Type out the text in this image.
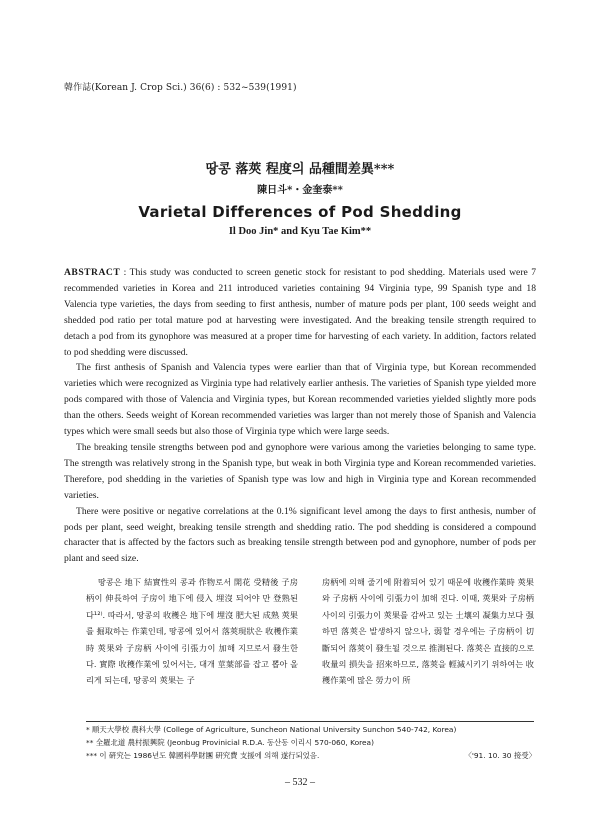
韓作誌(Korean J. Crop Sci.) 36(6) : 532~539(1991)
땅콩 落莢 程度의 品種間差異***
陳日斗*・金奎泰**
Varietal Differences of Pod Shedding
Il Doo Jin* and Kyu Tae Kim**

ABSTRACT : This study was conducted to screen genetic stock for resistant to pod shedding. Materials used were 7 recommended varieties in Korea and 211 introduced varieties containing 94 Virginia type, 99 Spanish type and 18 Valencia type varieties, the days from seeding to first anthesis, number of mature pods per plant, 100 seeds weight and shedded pod ratio per total mature pod at harvesting were investigated. And the breaking tensile strength required to detach a pod from its gynophore was measured at a proper time for harvesting of each variety. In addition, factors related to pod shedding were discussed.

The first anthesis of Spanish and Valencia types were earlier than that of Virginia type, but Korean recommended varieties which were recognized as Virginia type had relatively earlier anthesis. The varieties of Spanish type yielded more pods compared with those of Valencia and Virginia types, but Korean recommended varieties yielded slightly more pods than the others. Seeds weight of Korean recommended varieties was larger than not merely those of Spanish and Valencia types which were small seeds but also those of Virginia type which were large seeds.

The breaking tensile strengths between pod and gynophore were various among the varieties belonging to same type. The strength was relatively strong in the Spanish type, but weak in both Virginia type and Korean recommended varieties. Therefore, pod shedding in the varieties of Spanish type was low and high in Virginia type and Korean recommended varieties.

There were positive or negative correlations at the 0.1% significant level among the days to first anthesis, number of pods per plant, seed weight, breaking tensile strength and shedding ratio. The pod shedding is considered a compound character that is affected by the factors such as breaking tensile strength between pod and gynophore, number of pods per plant and seed size.

땅콩은 地下 結實性의 콩과 作物로서 開花 受精後 子房柄이 伸長하여 子房이 地下에 侵入 埋沒 되어야 만 登熟된다¹²⁾. 따라서, 땅콩의 收穫은 地下에 埋沒 肥大된 成熟 莢果를 掘取하는 作業인데, 땅콩에 있어서 落莢現狀은 收穫作業時 莢果와 子房柄 사이에 引張力이 加해 지므로서 發生한다. 實際 收穫作業에 있어서는, 대개 莖葉部를 잡고 뽑아 올리게 되는데, 땅콩의 莢果는 子

房柄에 의해 줄기에 附着되어 있기 때문에 收穫作業時 莢果와 子房柄 사이에 引張力이 加해 진다. 이때, 莢果와 子房柄 사이의 引張力이 莢果를 감싸고 있는 土壤의 凝集力보다 强하면 落莢은 발생하지 않으나, 弱할 경우에는 子房柄이 切斷되어 落莢이 發生될 것으로 推測된다. 落莢은 直接的으로 收量의 損失을 招來하므로, 落莢을 輕減시키기 위하여는 收穫作業에 많은 勞力이 所

* 順天大學校 農科大學 (College of Agriculture, Suncheon National University Sunchon 540-742, Korea)
** 全羅北道 農村振興院 (Jeonbug Provinicial R.D.A. 동산동 이리시 570-060, Korea)
*** 이 硏究는 1986년도 韓國科學財團 硏究費 支援에 의해 遂行되었음.	〈'91. 10. 30 接受〉
– 532 –
